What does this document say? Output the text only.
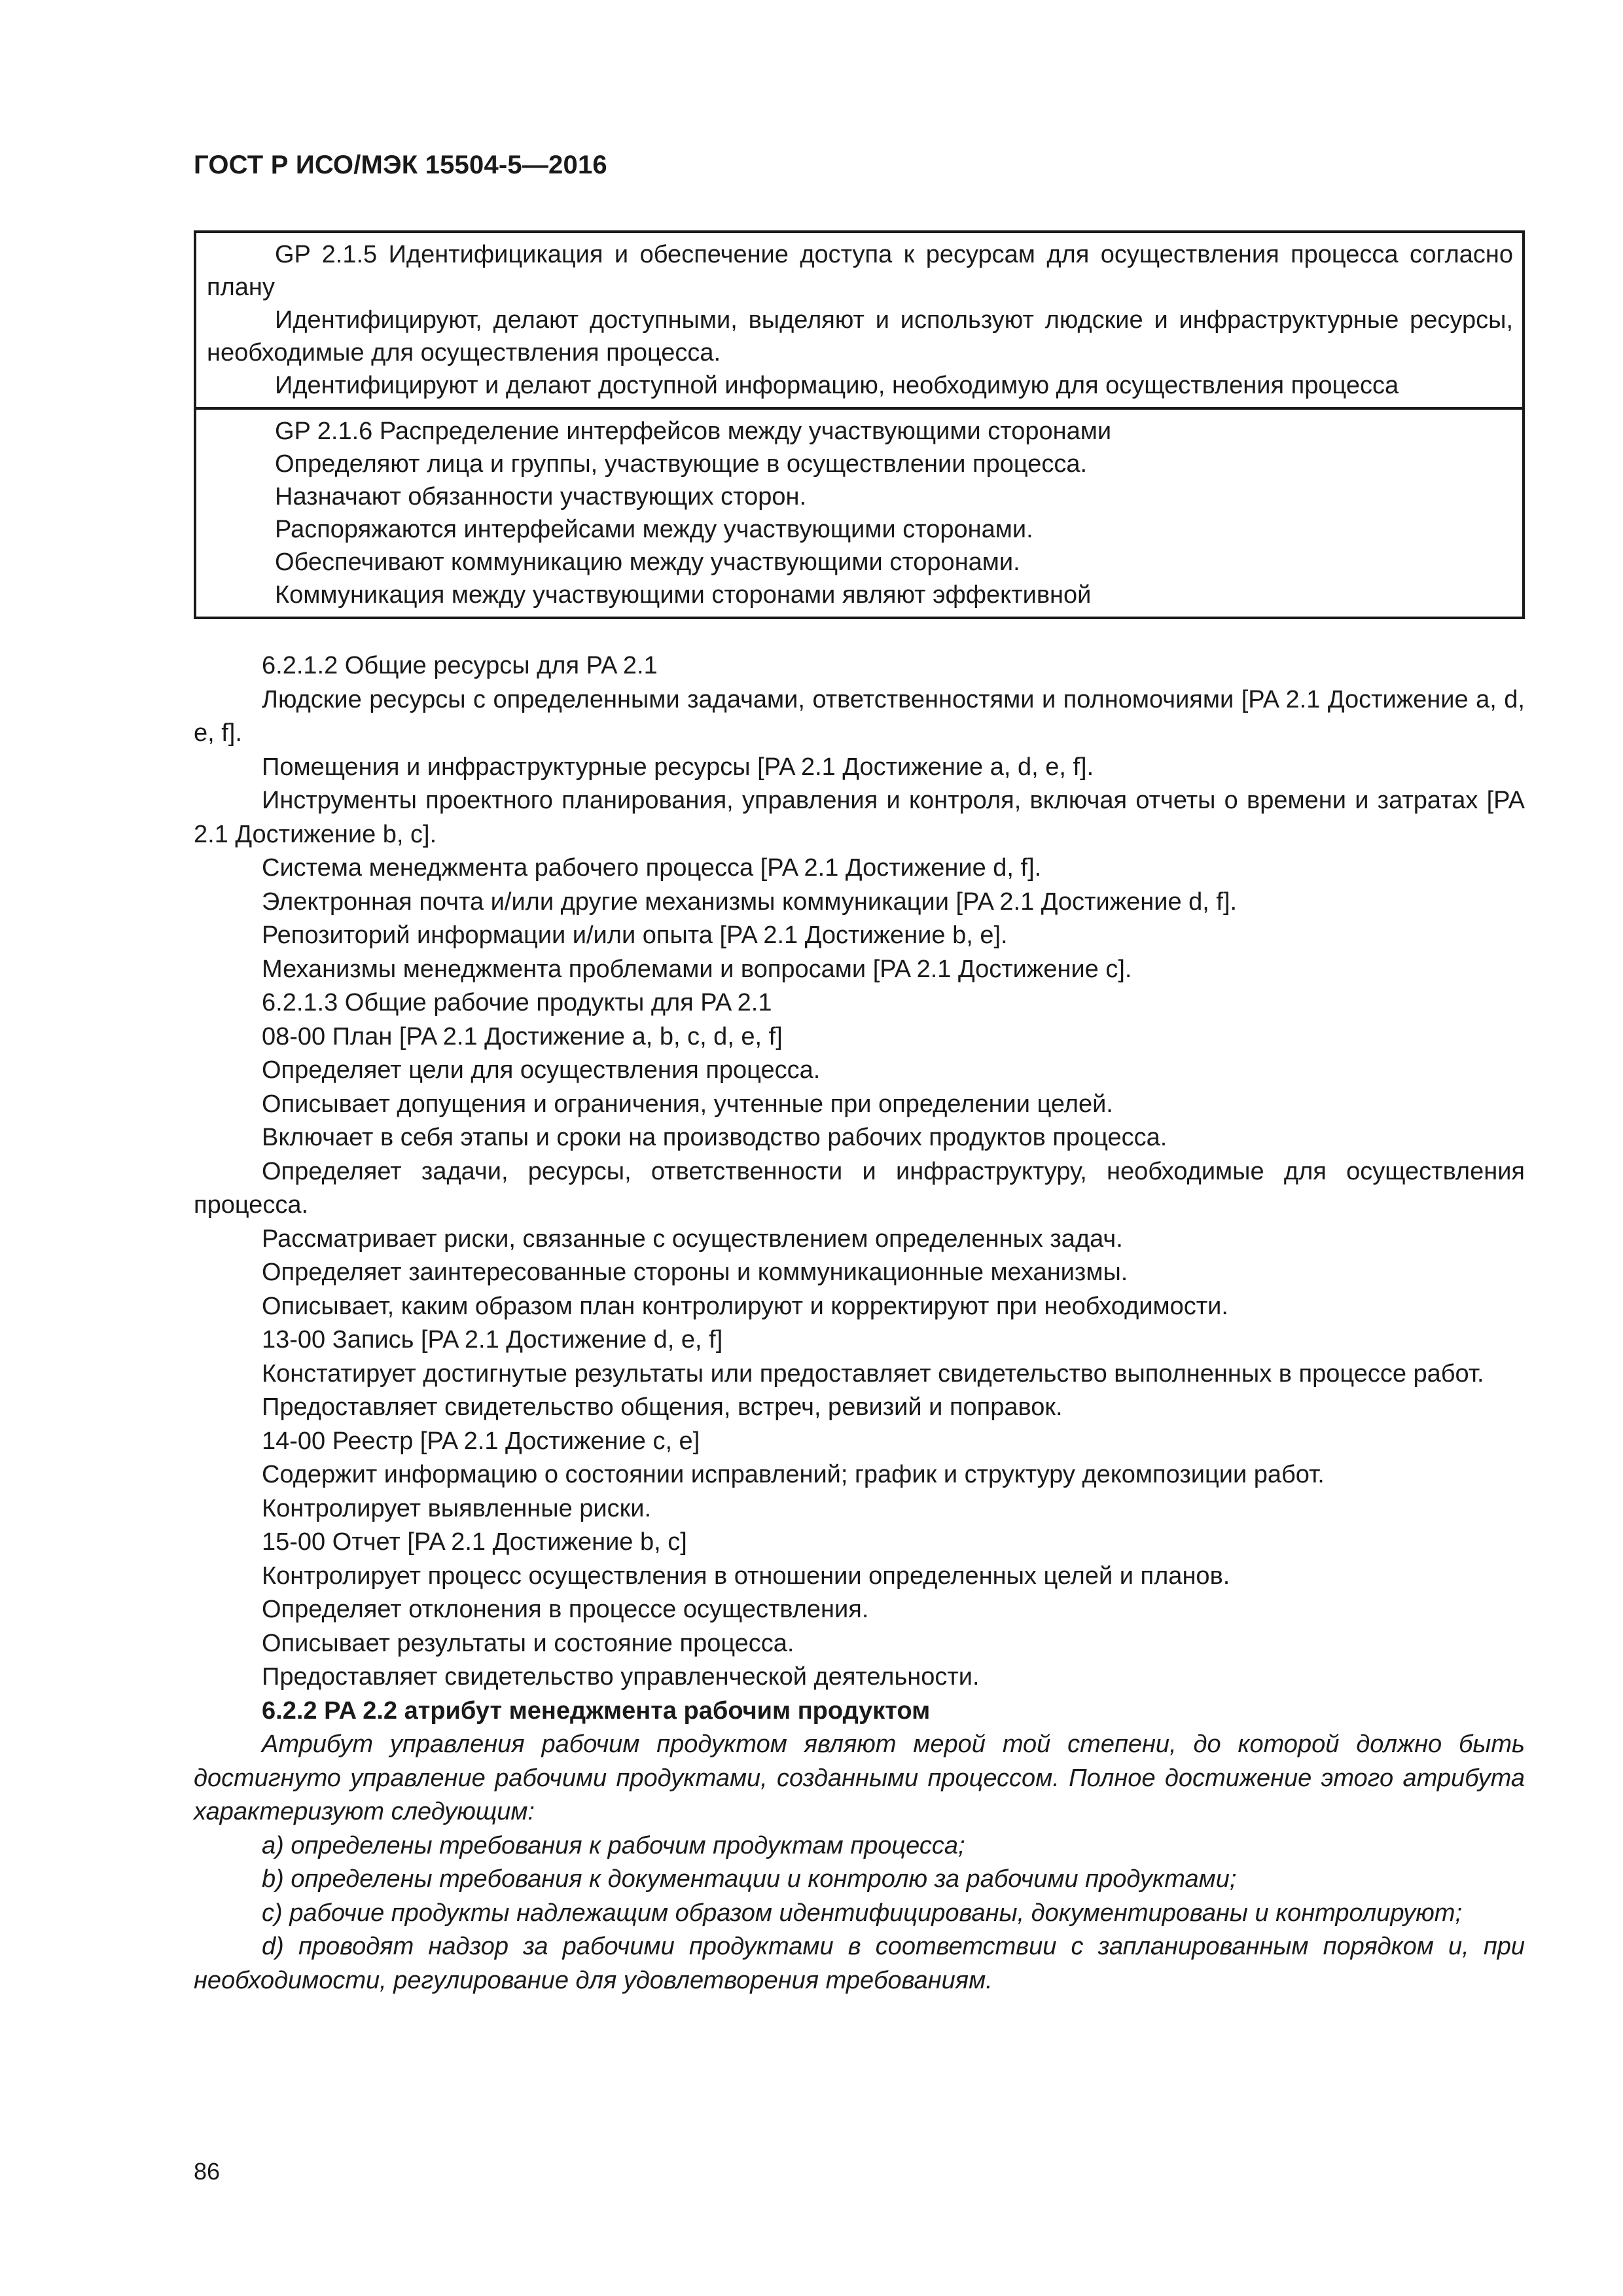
ГОСТ Р ИСО/МЭК 15504-5—2016

GP 2.1.5 Идентифицикация и обеспечение доступа к ресурсам для осуществления процесса согласно плану

Идентифицируют, делают доступными, выделяют и используют людские и инфраструктурные ресурсы, необходимые для осуществления процесса.

Идентифицируют и делают доступной информацию, необходимую для осуществления процесса

GP 2.1.6 Распределение интерфейсов между участвующими сторонами

Определяют лица и группы, участвующие в осуществлении процесса.

Назначают обязанности участвующих сторон.

Распоряжаются интерфейсами между участвующими сторонами.

Обеспечивают коммуникацию между участвующими сторонами.

Коммуникация между участвующими сторонами являют эффективной

6.2.1.2 Общие ресурсы для PA 2.1

Людские ресурсы с определенными задачами, ответственностями и полномочиями [PA 2.1 Достижение a, d, e, f].

Помещения и инфраструктурные ресурсы [PA 2.1 Достижение a, d, e, f].

Инструменты проектного планирования, управления и контроля, включая отчеты о времени и затратах [PA 2.1 Достижение b, c].

Система менеджмента рабочего процесса [PA 2.1 Достижение d, f].

Электронная почта и/или другие механизмы коммуникации [PA 2.1 Достижение d, f].

Репозиторий информации и/или опыта [PA 2.1 Достижение b, e].

Механизмы менеджмента проблемами и вопросами [PA 2.1 Достижение c].

6.2.1.3 Общие рабочие продукты для PA 2.1

08-00 План [PA 2.1 Достижение a, b, c, d, e, f]

Определяет цели для осуществления процесса.

Описывает допущения и ограничения, учтенные при определении целей.

Включает в себя этапы и сроки на производство рабочих продуктов процесса.

Определяет задачи, ресурсы, ответственности и инфраструктуру, необходимые для осуществления процесса.

Рассматривает риски, связанные с осуществлением определенных задач.

Определяет заинтересованные стороны и коммуникационные механизмы.

Описывает, каким образом план контролируют и корректируют при необходимости.

13-00 Запись [PA 2.1 Достижение d, e, f]

Констатирует достигнутые результаты или предоставляет свидетельство выполненных в процессе работ.

Предоставляет свидетельство общения, встреч, ревизий и поправок.

14-00 Реестр [PA 2.1 Достижение c, e]

Содержит информацию о состоянии исправлений; график и структуру декомпозиции работ.

Контролирует выявленные риски.

15-00 Отчет [PA 2.1 Достижение b, c]

Контролирует процесс осуществления в отношении определенных целей и планов.

Определяет отклонения в процессе осуществления.

Описывает результаты и состояние процесса.

Предоставляет свидетельство управленческой деятельности.

6.2.2 PA 2.2 атрибут менеджмента рабочим продуктом

Атрибут управления рабочим продуктом являют мерой той степени, до которой должно быть достигнуто управление рабочими продуктами, созданными процессом. Полное достижение этого атрибута характеризуют следующим:

a) определены требования к рабочим продуктам процесса;

b) определены требования к документации и контролю за рабочими продуктами;

c) рабочие продукты надлежащим образом идентифицированы, документированы и контролируют;

d) проводят надзор за рабочими продуктами в соответствии с запланированным порядком и, при необходимости, регулирование для удовлетворения требованиям.

86
